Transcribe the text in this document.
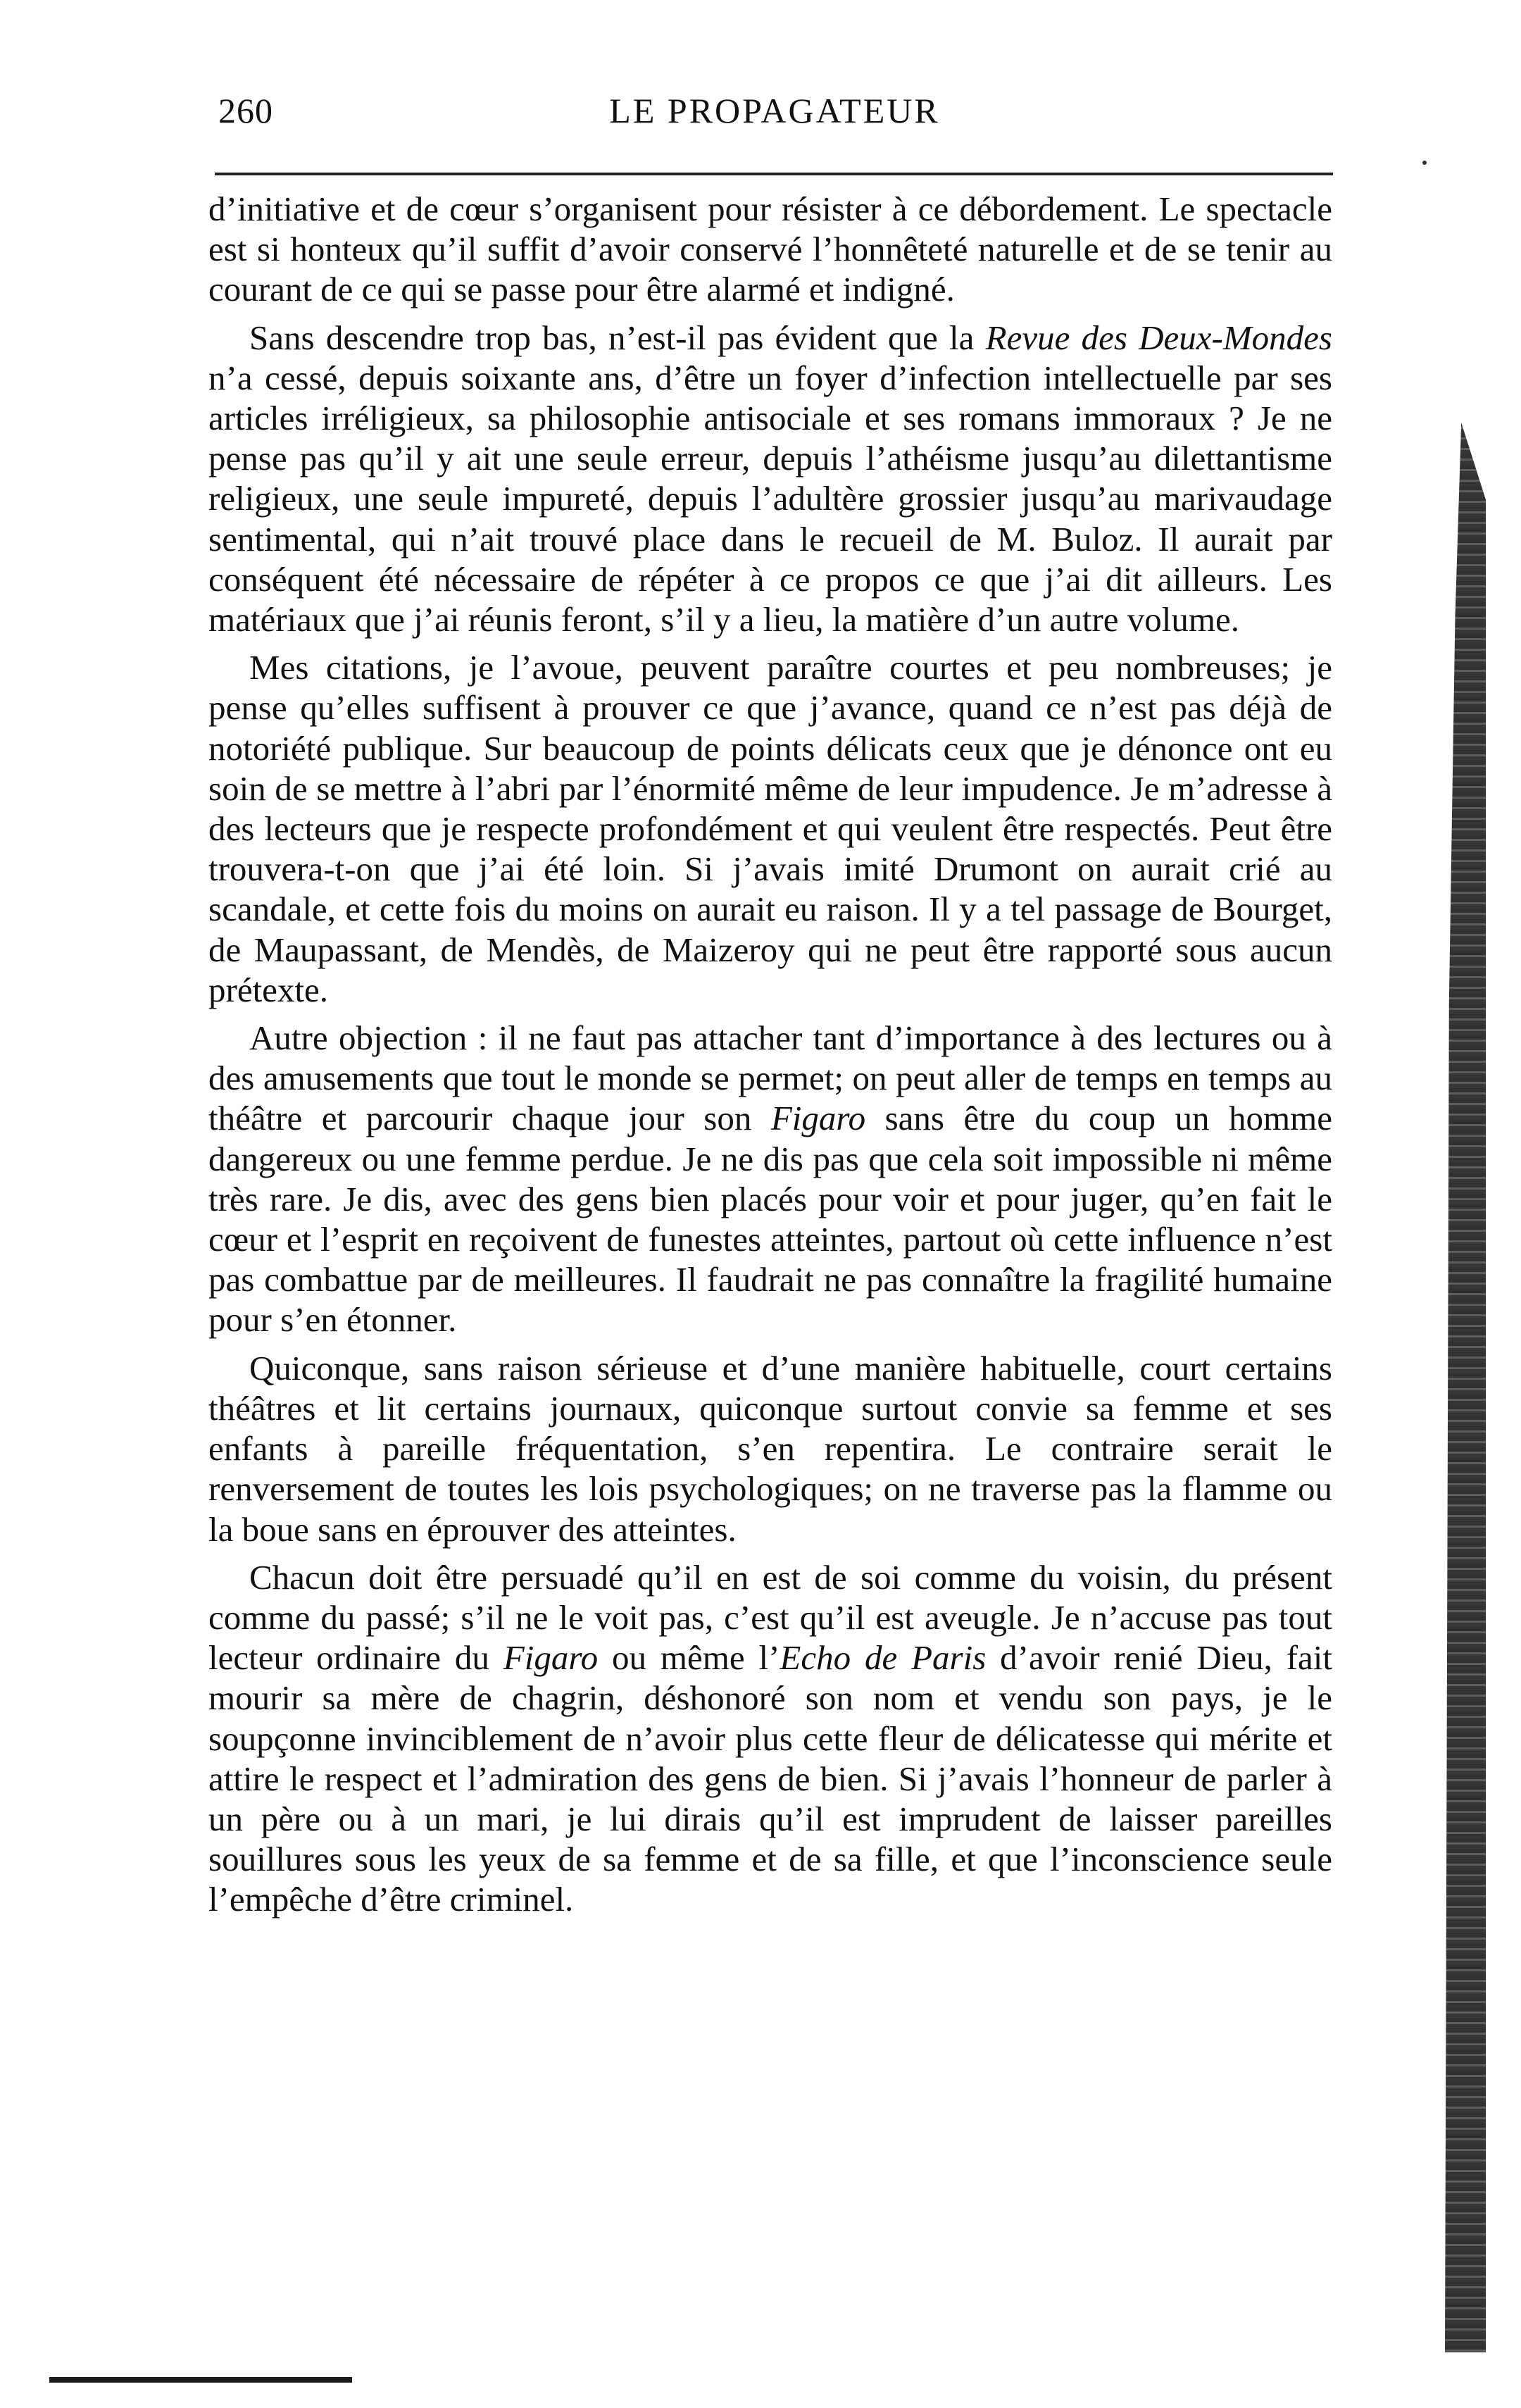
260	LE PROPAGATEUR

d’initiative et de cœur s’organisent pour résister à ce débordement. Le spectacle est si honteux qu’il suffit d’avoir conservé l’honnêteté naturelle et de se tenir au courant de ce qui se passe pour être alarmé et indigné.

Sans descendre trop bas, n’est-il pas évident que la Revue des Deux-Mondes n’a cessé, depuis soixante ans, d’être un foyer d’infection intellectuelle par ses articles irréligieux, sa philosophie antisociale et ses romans immoraux ? Je ne pense pas qu’il y ait une seule erreur, depuis l’athéisme jusqu’au dilettantisme religieux, une seule impureté, depuis l’adultère grossier jusqu’au marivaudage sentimental, qui n’ait trouvé place dans le recueil de M. Buloz. Il aurait par conséquent été nécessaire de répéter à ce propos ce que j’ai dit ailleurs. Les matériaux que j’ai réunis feront, s’il y a lieu, la matière d’un autre volume.

Mes citations, je l’avoue, peuvent paraître courtes et peu nombreuses; je pense qu’elles suffisent à prouver ce que j’avance, quand ce n’est pas déjà de notoriété publique. Sur beaucoup de points délicats ceux que je dénonce ont eu soin de se mettre à l’abri par l’énormité même de leur impudence. Je m’adresse à des lecteurs que je respecte profondément et qui veulent être respectés. Peut être trouvera-t-on que j’ai été loin. Si j’avais imité Drumont on aurait crié au scandale, et cette fois du moins on aurait eu raison. Il y a tel passage de Bourget, de Maupassant, de Mendès, de Maizeroy qui ne peut être rapporté sous aucun prétexte.

Autre objection : il ne faut pas attacher tant d’importance à des lectures ou à des amusements que tout le monde se permet; on peut aller de temps en temps au théâtre et parcourir chaque jour son Figaro sans être du coup un homme dangereux ou une femme perdue. Je ne dis pas que cela soit impossible ni même très rare. Je dis, avec des gens bien placés pour voir et pour juger, qu’en fait le cœur et l’esprit en reçoivent de funestes atteintes, partout où cette influence n’est pas combattue par de meilleures. Il faudrait ne pas connaître la fragilité humaine pour s’en étonner.

Quiconque, sans raison sérieuse et d’une manière habituelle, court certains théâtres et lit certains journaux, quiconque surtout convie sa femme et ses enfants à pareille fréquentation, s’en repentira. Le contraire serait le renversement de toutes les lois psychologiques; on ne traverse pas la flamme ou la boue sans en éprouver des atteintes.

Chacun doit être persuadé qu’il en est de soi comme du voisin, du présent comme du passé; s’il ne le voit pas, c’est qu’il est aveugle. Je n’accuse pas tout lecteur ordinaire du Figaro ou même l’Echo de Paris d’avoir renié Dieu, fait mourir sa mère de chagrin, déshonoré son nom et vendu son pays, je le soupçonne invinciblement de n’avoir plus cette fleur de délicatesse qui mérite et attire le respect et l’admiration des gens de bien. Si j’avais l’honneur de parler à un père ou à un mari, je lui dirais qu’il est imprudent de laisser pareilles souillures sous les yeux de sa femme et de sa fille, et que l’inconscience seule l’empêche d’être criminel.
